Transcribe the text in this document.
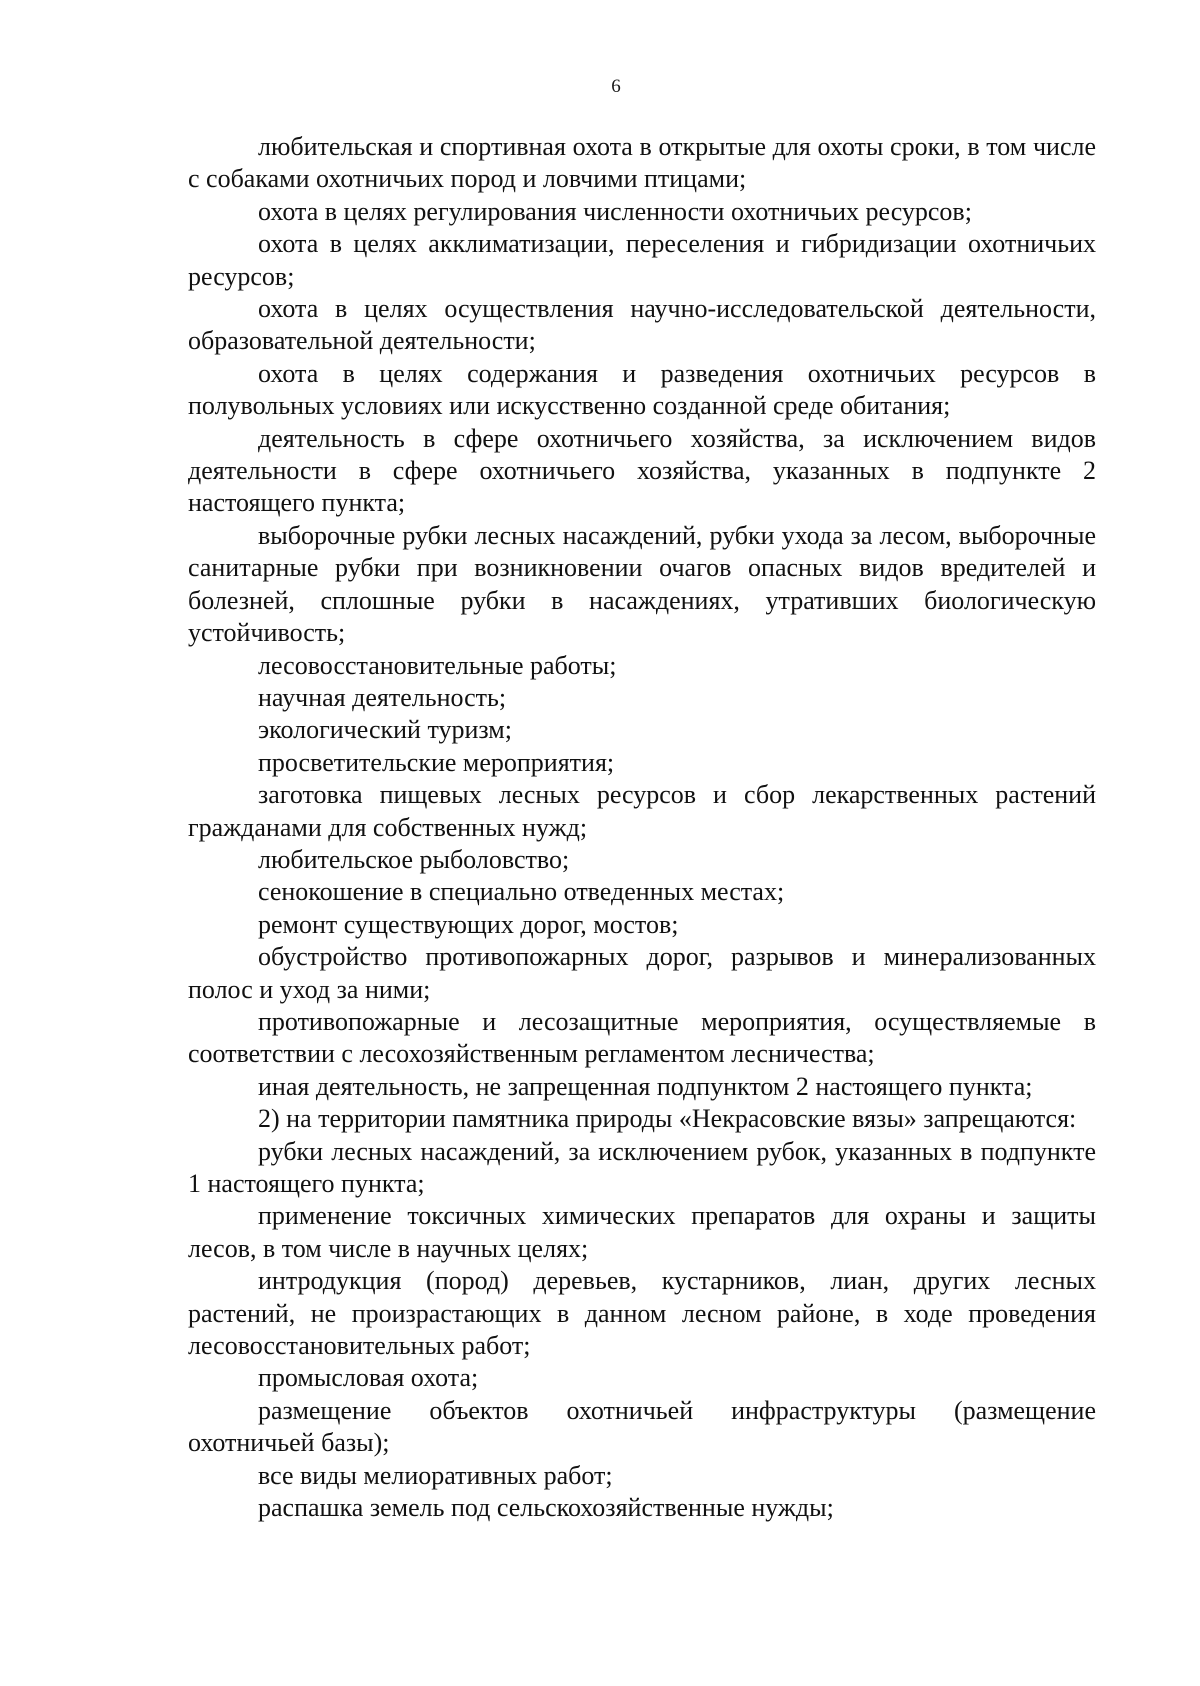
6

любительская и спортивная охота в открытые для охоты сроки, в том числе с собаками охотничьих пород и ловчими птицами;

охота в целях регулирования численности охотничьих ресурсов;

охота в целях акклиматизации, переселения и гибридизации охотничьих ресурсов;

охота в целях осуществления научно-исследовательской деятельности, образовательной деятельности;

охота в целях содержания и разведения охотничьих ресурсов в полувольных условиях или искусственно созданной среде обитания;

деятельность в сфере охотничьего хозяйства, за исключением видов деятельности в сфере охотничьего хозяйства, указанных в подпункте 2 настоящего пункта;

выборочные рубки лесных насаждений, рубки ухода за лесом, выборочные санитарные рубки при возникновении очагов опасных видов вредителей и болезней, сплошные рубки в насаждениях, утративших биологическую устойчивость;

лесовосстановительные работы;

научная деятельность;

экологический туризм;

просветительские мероприятия;

заготовка пищевых лесных ресурсов и сбор лекарственных растений гражданами для собственных нужд;

любительское рыболовство;

сенокошение в специально отведенных местах;

ремонт существующих дорог, мостов;

обустройство противопожарных дорог, разрывов и минерализованных полос и уход за ними;

противопожарные и лесозащитные мероприятия, осуществляемые в соответствии с лесохозяйственным регламентом лесничества;

иная деятельность, не запрещенная подпунктом 2 настоящего пункта;

2) на территории памятника природы «Некрасовские вязы» запрещаются:

рубки лесных насаждений, за исключением рубок, указанных в подпункте 1 настоящего пункта;

применение токсичных химических препаратов для охраны и защиты лесов, в том числе в научных целях;

интродукция (пород) деревьев, кустарников, лиан, других лесных растений, не произрастающих в данном лесном районе, в ходе проведения лесовосстановительных работ;

промысловая охота;

размещение объектов охотничьей инфраструктуры (размещение охотничьей базы);

все виды мелиоративных работ;

распашка земель под сельскохозяйственные нужды;
